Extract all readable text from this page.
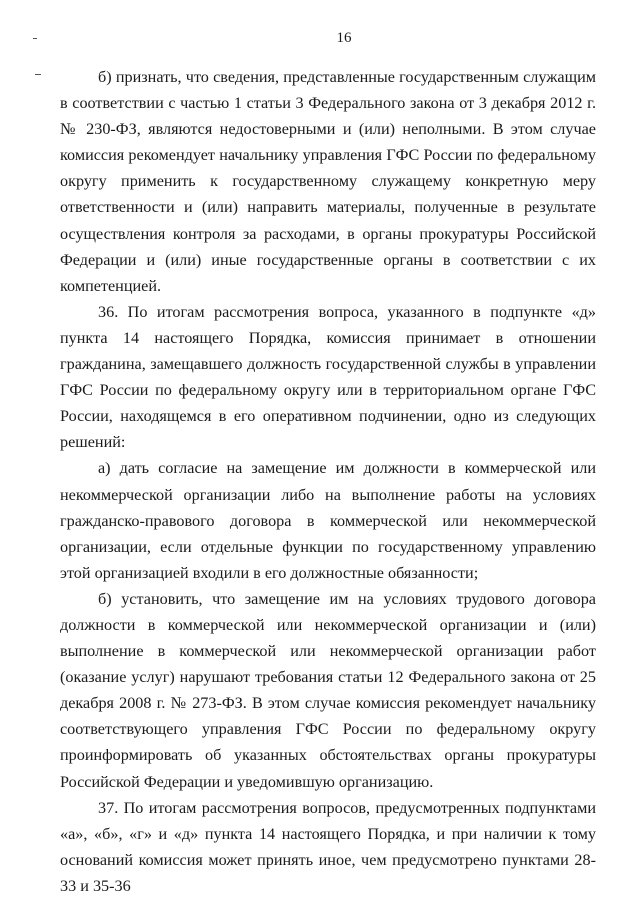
16

б) признать, что сведения, представленные государственным служащим в соответствии с частью 1 статьи 3 Федерального закона от 3 декабря 2012 г. № 230-ФЗ, являются недостоверными и (или) неполными. В этом случае комиссия рекомендует начальнику управления ГФС России по федеральному округу применить к государственному служащему конкретную меру ответственности и (или) направить материалы, полученные в результате осуществления контроля за расходами, в органы прокуратуры Российской Федерации и (или) иные государственные органы в соответствии с их компетенцией.

36. По итогам рассмотрения вопроса, указанного в подпункте «д» пункта 14 настоящего Порядка, комиссия принимает в отношении гражданина, замещавшего должность государственной службы в управлении ГФС России по федеральному округу или в территориальном органе ГФС России, находящемся в его оперативном подчинении, одно из следующих решений:

а) дать согласие на замещение им должности в коммерческой или некоммерческой организации либо на выполнение работы на условиях гражданско-правового договора в коммерческой или некоммерческой организации, если отдельные функции по государственному управлению этой организацией входили в его должностные обязанности;

б) установить, что замещение им на условиях трудового договора должности в коммерческой или некоммерческой организации и (или) выполнение в коммерческой или некоммерческой организации работ (оказание услуг) нарушают требования статьи 12 Федерального закона от 25 декабря 2008 г. № 273-ФЗ. В этом случае комиссия рекомендует начальнику соответствующего управления ГФС России по федеральному округу проинформировать об указанных обстоятельствах органы прокуратуры Российской Федерации и уведомившую организацию.

37. По итогам рассмотрения вопросов, предусмотренных подпунктами «а», «б», «г» и «д» пункта 14 настоящего Порядка, и при наличии к тому оснований комиссия может принять иное, чем предусмотрено пунктами 28-33 и 35-36
